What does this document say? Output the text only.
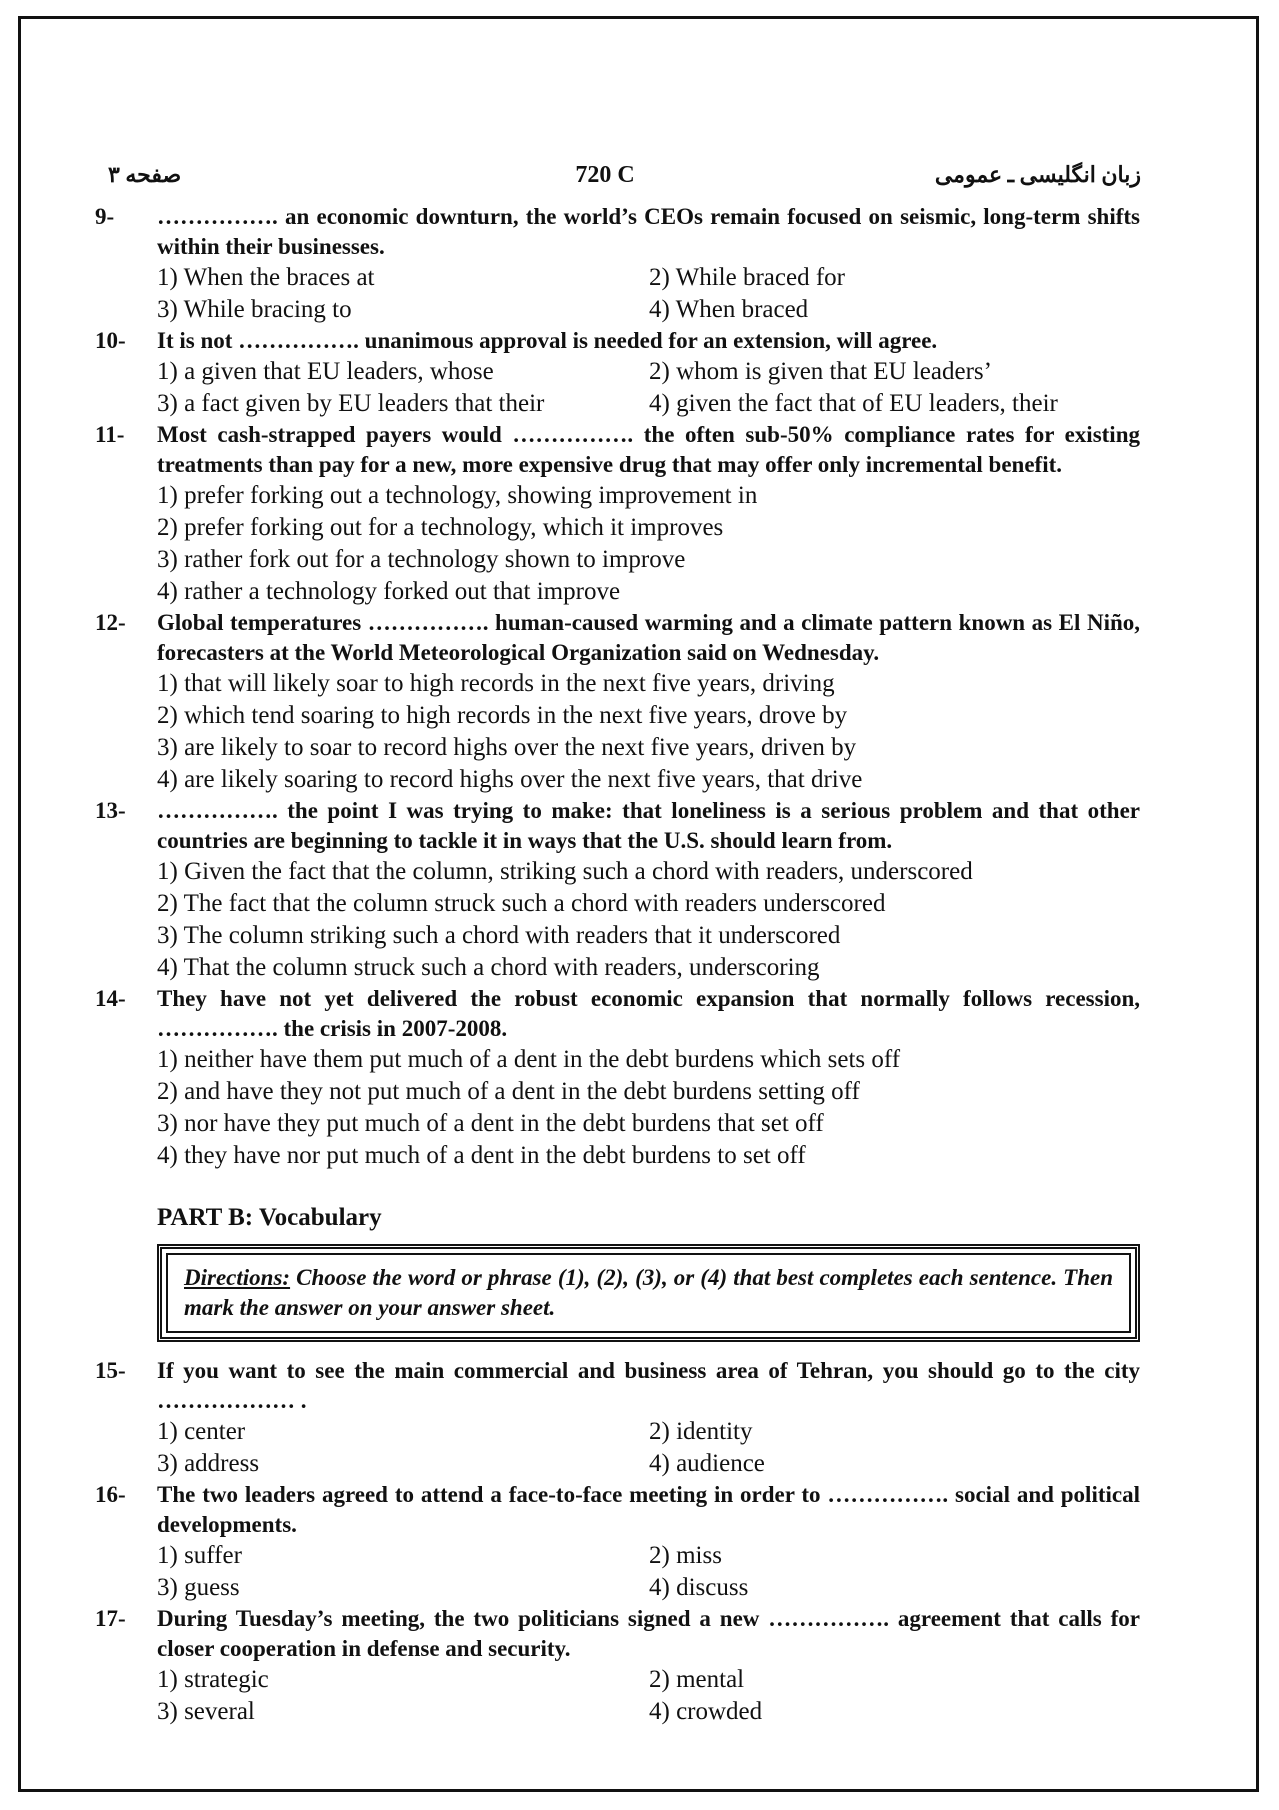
صفحه ۳	720 C	زبان انگلیسی ـ عمومی
9- ……………. an economic downturn, the world’s CEOs remain focused on seismic, long-term shifts within their businesses.
1) When the braces at	2) While braced for
3) While bracing to	4) When braced
10- It is not ……………. unanimous approval is needed for an extension, will agree.
1) a given that EU leaders, whose	2) whom is given that EU leaders’
3) a fact given by EU leaders that their	4) given the fact that of EU leaders, their
11- Most cash-strapped payers would ……………. the often sub-50% compliance rates for existing treatments than pay for a new, more expensive drug that may offer only incremental benefit.
1) prefer forking out a technology, showing improvement in
2) prefer forking out for a technology, which it improves
3) rather fork out for a technology shown to improve
4) rather a technology forked out that improve
12- Global temperatures ……………. human-caused warming and a climate pattern known as El Niño, forecasters at the World Meteorological Organization said on Wednesday.
1) that will likely soar to high records in the next five years, driving
2) which tend soaring to high records in the next five years, drove by
3) are likely to soar to record highs over the next five years, driven by
4) are likely soaring to record highs over the next five years, that drive
13- ……………. the point I was trying to make: that loneliness is a serious problem and that other countries are beginning to tackle it in ways that the U.S. should learn from.
1) Given the fact that the column, striking such a chord with readers, underscored
2) The fact that the column struck such a chord with readers underscored
3) The column striking such a chord with readers that it underscored
4) That the column struck such a chord with readers, underscoring
14- They have not yet delivered the robust economic expansion that normally follows recession, ……………. the crisis in 2007-2008.
1) neither have them put much of a dent in the debt burdens which sets off
2) and have they not put much of a dent in the debt burdens setting off
3) nor have they put much of a dent in the debt burdens that set off
4) they have nor put much of a dent in the debt burdens to set off
PART B: Vocabulary
Directions: Choose the word or phrase (1), (2), (3), or (4) that best completes each sentence. Then mark the answer on your answer sheet.
15- If you want to see the main commercial and business area of Tehran, you should go to the city ……………… .
1) center	2) identity
3) address	4) audience
16- The two leaders agreed to attend a face-to-face meeting in order to ……………. social and political developments.
1) suffer	2) miss
3) guess	4) discuss
17- During Tuesday’s meeting, the two politicians signed a new ……………. agreement that calls for closer cooperation in defense and security.
1) strategic	2) mental
3) several	4) crowded
